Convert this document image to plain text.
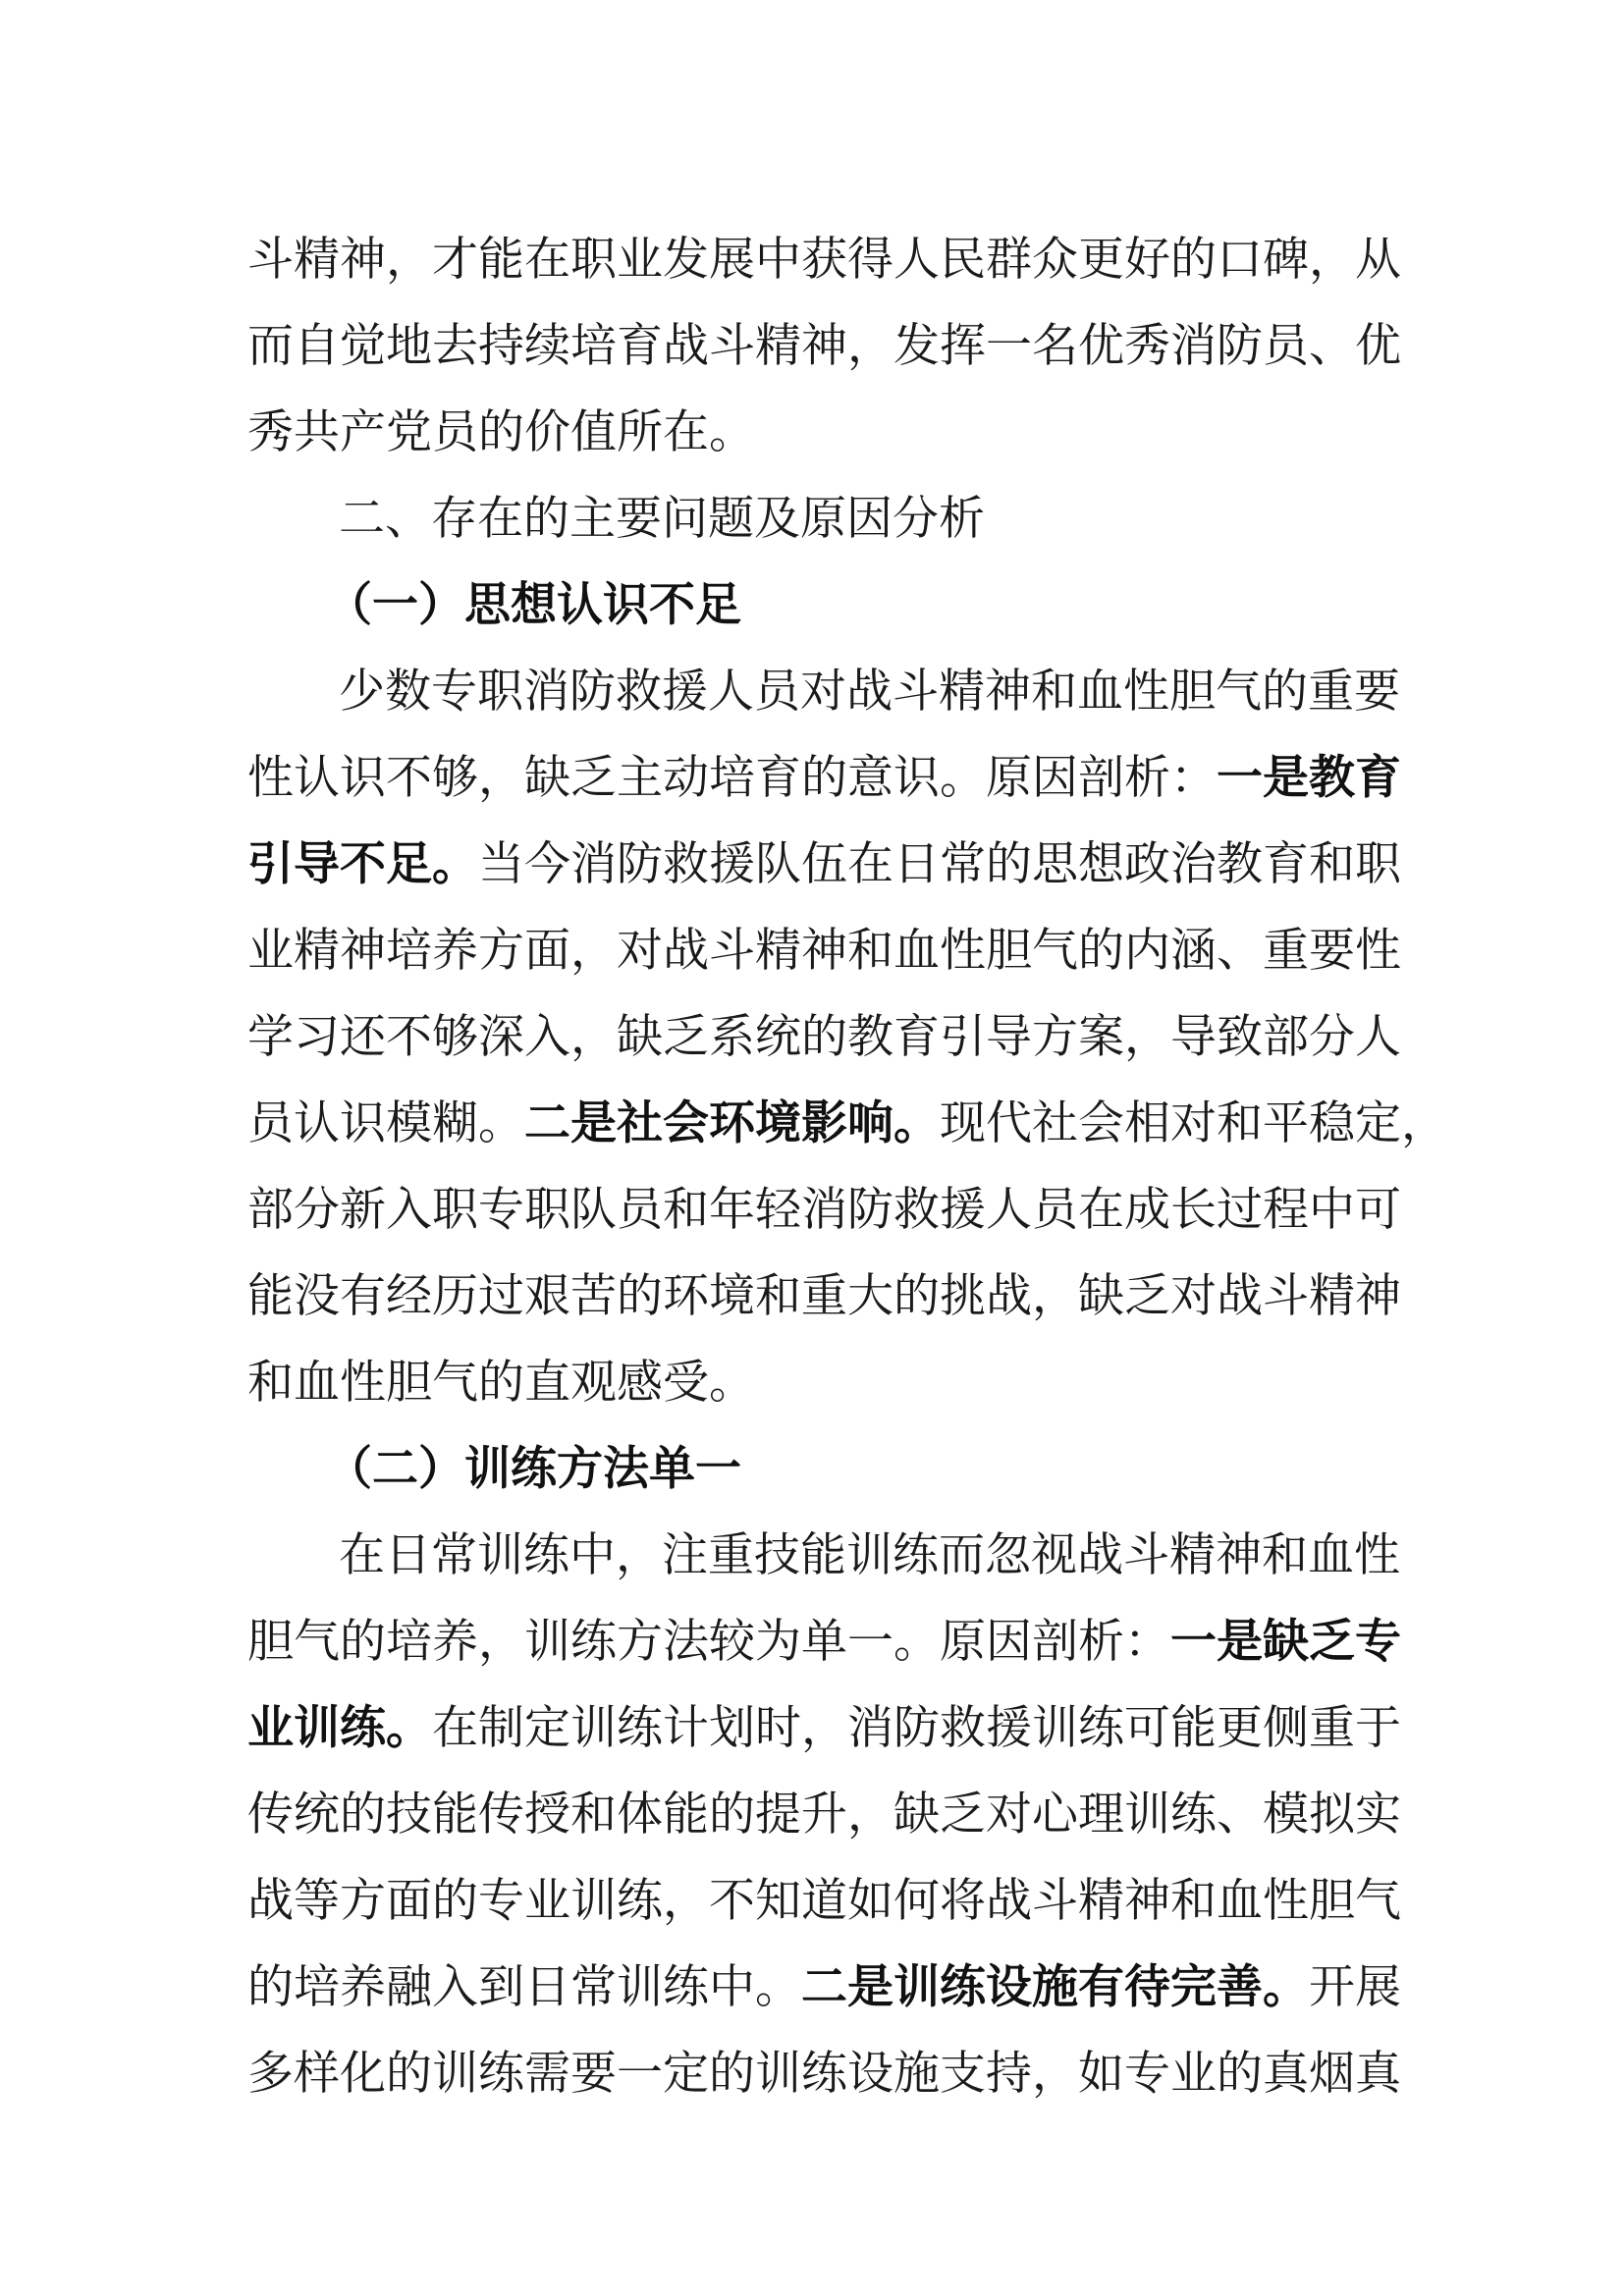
斗精神，才能在职业发展中获得人民群众更好的口碑，从
而自觉地去持续培育战斗精神，发挥一名优秀消防员、优
秀共产党员的价值所在。
二、存在的主要问题及原因分析
（一）思想认识不足
少数专职消防救援人员对战斗精神和血性胆气的重要
性认识不够，缺乏主动培育的意识。原因剖析：一是教育
引导不足。当今消防救援队伍在日常的思想政治教育和职
业精神培养方面，对战斗精神和血性胆气的内涵、重要性
学习还不够深入，缺乏系统的教育引导方案，导致部分人
员认识模糊。二是社会环境影响。现代社会相对和平稳定，
部分新入职专职队员和年轻消防救援人员在成长过程中可
能没有经历过艰苦的环境和重大的挑战，缺乏对战斗精神
和血性胆气的直观感受。
（二）训练方法单一
在日常训练中，注重技能训练而忽视战斗精神和血性
胆气的培养，训练方法较为单一。原因剖析：一是缺乏专
业训练。在制定训练计划时，消防救援训练可能更侧重于
传统的技能传授和体能的提升，缺乏对心理训练、模拟实
战等方面的专业训练，不知道如何将战斗精神和血性胆气
的培养融入到日常训练中。二是训练设施有待完善。开展
多样化的训练需要一定的训练设施支持，如专业的真烟真
